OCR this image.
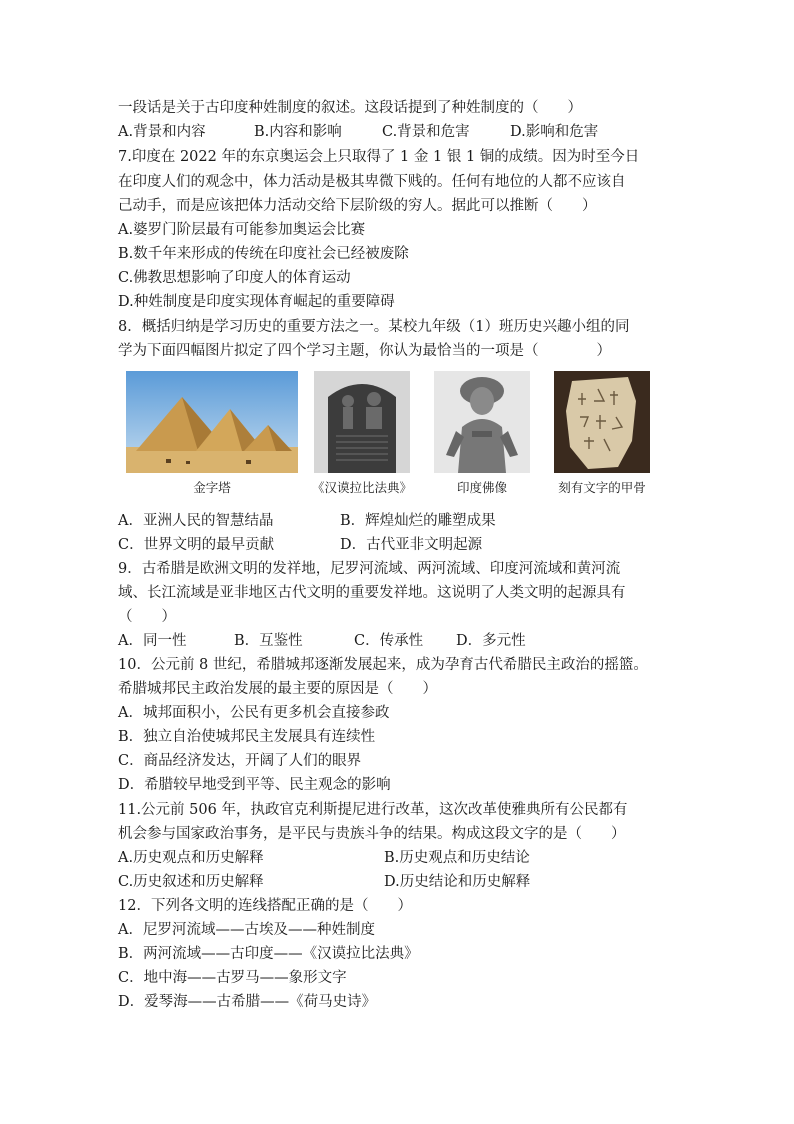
一段话是关于古印度种姓制度的叙述。这段话提到了种姓制度的（　　）
A.背景和内容	B.内容和影响	C.背景和危害	D.影响和危害
7.印度在 2022 年的东京奥运会上只取得了 1 金 1 银 1 铜的成绩。因为时至今日
在印度人们的观念中，体力活动是极其卑微下贱的。任何有地位的人都不应该自
己动手，而是应该把体力活动交给下层阶级的穷人。据此可以推断（　　）
A.婆罗门阶层最有可能参加奥运会比赛
B.数千年来形成的传统在印度社会已经被废除
C.佛教思想影响了印度人的体育运动
D.种姓制度是印度实现体育崛起的重要障碍
8．概括归纳是学习历史的重要方法之一。某校九年级（1）班历史兴趣小组的同
学为下面四幅图片拟定了四个学习主题，你认为最恰当的一项是（　　　　）
金字塔	《汉谟拉比法典》	印度佛像	刻有文字的甲骨
A．亚洲人民的智慧结晶	B．辉煌灿烂的雕塑成果
C．世界文明的最早贡献	D．古代亚非文明起源
9．古希腊是欧洲文明的发祥地，尼罗河流域、两河流域、印度河流域和黄河流
域、长江流域是亚非地区古代文明的重要发祥地。这说明了人类文明的起源具有
（　　）
A．同一性	B．互鉴性	C．传承性	D．多元性
10．公元前 8 世纪，希腊城邦逐渐发展起来，成为孕育古代希腊民主政治的摇篮。
希腊城邦民主政治发展的最主要的原因是（　　）
A．城邦面积小，公民有更多机会直接参政
B．独立自治使城邦民主发展具有连续性
C．商品经济发达，开阔了人们的眼界
D．希腊较早地受到平等、民主观念的影响
11.公元前 506 年，执政官克利斯提尼进行改革，这次改革使雅典所有公民都有
机会参与国家政治事务，是平民与贵族斗争的结果。构成这段文字的是（　　）
A.历史观点和历史解释	B.历史观点和历史结论
C.历史叙述和历史解释	D.历史结论和历史解释
12．下列各文明的连线搭配正确的是（　　）
A．尼罗河流域——古埃及——种姓制度
B．两河流域——古印度——《汉谟拉比法典》
C．地中海——古罗马——象形文字
D．爱琴海——古希腊——《荷马史诗》
